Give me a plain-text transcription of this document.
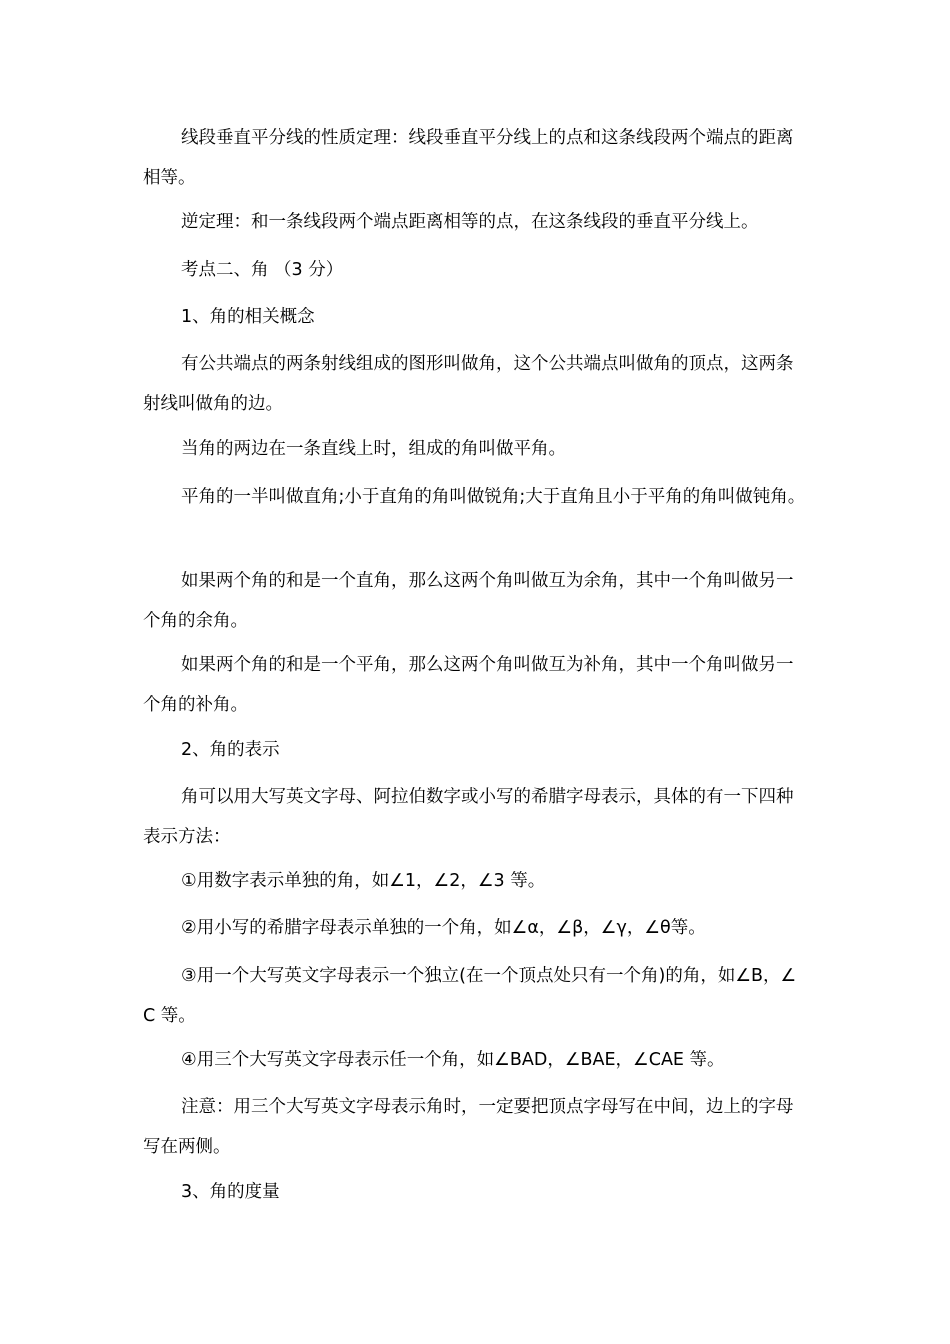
线段垂直平分线的性质定理：线段垂直平分线上的点和这条线段两个端点的距离相等。

逆定理：和一条线段两个端点距离相等的点，在这条线段的垂直平分线上。

考点二、角 （3 分）

1、角的相关概念

有公共端点的两条射线组成的图形叫做角，这个公共端点叫做角的顶点，这两条射线叫做角的边。

当角的两边在一条直线上时，组成的角叫做平角。

平角的一半叫做直角;小于直角的角叫做锐角;大于直角且小于平角的角叫做钝角。

如果两个角的和是一个直角，那么这两个角叫做互为余角，其中一个角叫做另一个角的余角。

如果两个角的和是一个平角，那么这两个角叫做互为补角，其中一个角叫做另一个角的补角。

2、角的表示

角可以用大写英文字母、阿拉伯数字或小写的希腊字母表示，具体的有一下四种表示方法：

①用数字表示单独的角，如∠1，∠2，∠3 等。

②用小写的希腊字母表示单独的一个角，如∠α，∠β，∠γ，∠θ等。

③用一个大写英文字母表示一个独立(在一个顶点处只有一个角)的角，如∠B，∠C 等。

④用三个大写英文字母表示任一个角，如∠BAD，∠BAE，∠CAE 等。

注意：用三个大写英文字母表示角时，一定要把顶点字母写在中间，边上的字母写在两侧。

3、角的度量
